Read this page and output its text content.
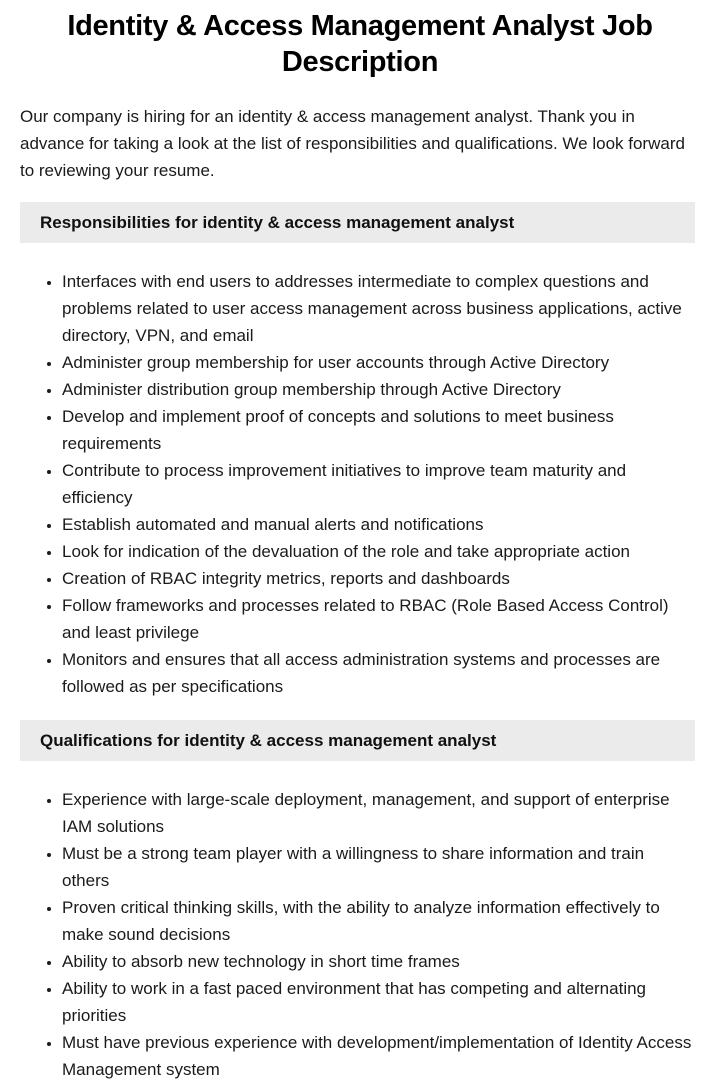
Identity & Access Management Analyst Job Description

Our company is hiring for an identity & access management analyst. Thank you in advance for taking a look at the list of responsibilities and qualifications. We look forward to reviewing your resume.

Responsibilities for identity & access management analyst
• Interfaces with end users to addresses intermediate to complex questions and problems related to user access management across business applications, active directory, VPN, and email
• Administer group membership for user accounts through Active Directory
• Administer distribution group membership through Active Directory
• Develop and implement proof of concepts and solutions to meet business requirements
• Contribute to process improvement initiatives to improve team maturity and efficiency
• Establish automated and manual alerts and notifications
• Look for indication of the devaluation of the role and take appropriate action
• Creation of RBAC integrity metrics, reports and dashboards
• Follow frameworks and processes related to RBAC (Role Based Access Control) and least privilege
• Monitors and ensures that all access administration systems and processes are followed as per specifications
Qualifications for identity & access management analyst
• Experience with large-scale deployment, management, and support of enterprise IAM solutions
• Must be a strong team player with a willingness to share information and train others
• Proven critical thinking skills, with the ability to analyze information effectively to make sound decisions
• Ability to absorb new technology in short time frames
• Ability to work in a fast paced environment that has competing and alternating priorities
• Must have previous experience with development/implementation of Identity Access Management system
